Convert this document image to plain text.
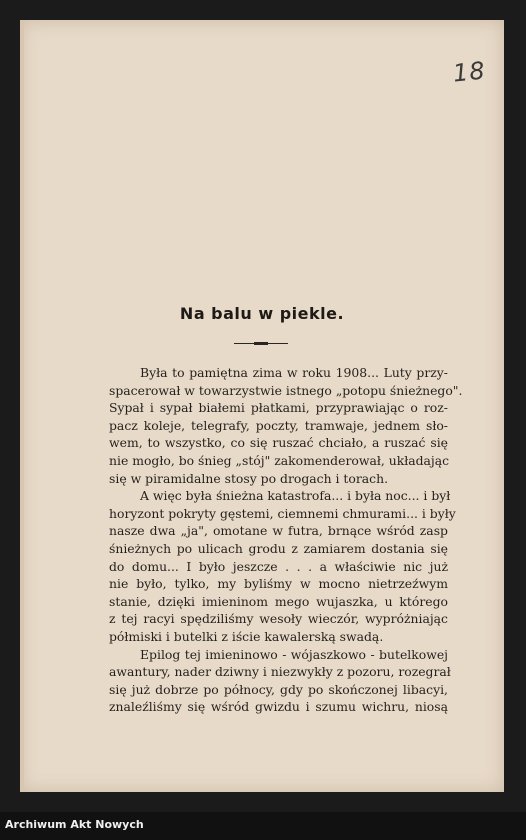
18
Na balu w piekle.
Była to pamiętna zima w roku 1908... Luty przy-
spacerował w towarzystwie istnego „potopu śnieżnego".
Sypał i sypał białemi płatkami, przyprawiając o roz-
pacz koleje, telegrafy, poczty, tramwaje, jednem sło-
wem, to wszystko, co się ruszać chciało, a ruszać się
nie mogło, bo śnieg „stój" zakomenderował, układając
się w piramidalne stosy po drogach i torach.
A więc była śnieżna katastrofa... i była noc... i był
horyzont pokryty gęstemi, ciemnemi chmurami... i były
nasze dwa „ja", omotane w futra, brnące wśród zasp
śnieżnych po ulicach grodu z zamiarem dostania się
do domu... I było jeszcze . . . a właściwie nic już
nie było, tylko, my byliśmy w mocno nietrzeźwym
stanie, dzięki imieninom mego wujaszka, u którego
z tej racyi spędziliśmy wesoły wieczór, wypróżniając
półmiski i butelki z iście kawalerską swadą.
Epilog tej imieninowo - wójaszkowo - butelkowej
awantury, nader dziwny i niezwykły z pozoru, rozegrał
się już dobrze po północy, gdy po skończonej libacyi,
znaleźliśmy się wśród gwizdu i szumu wichru, niosą
Archiwum Akt Nowych
